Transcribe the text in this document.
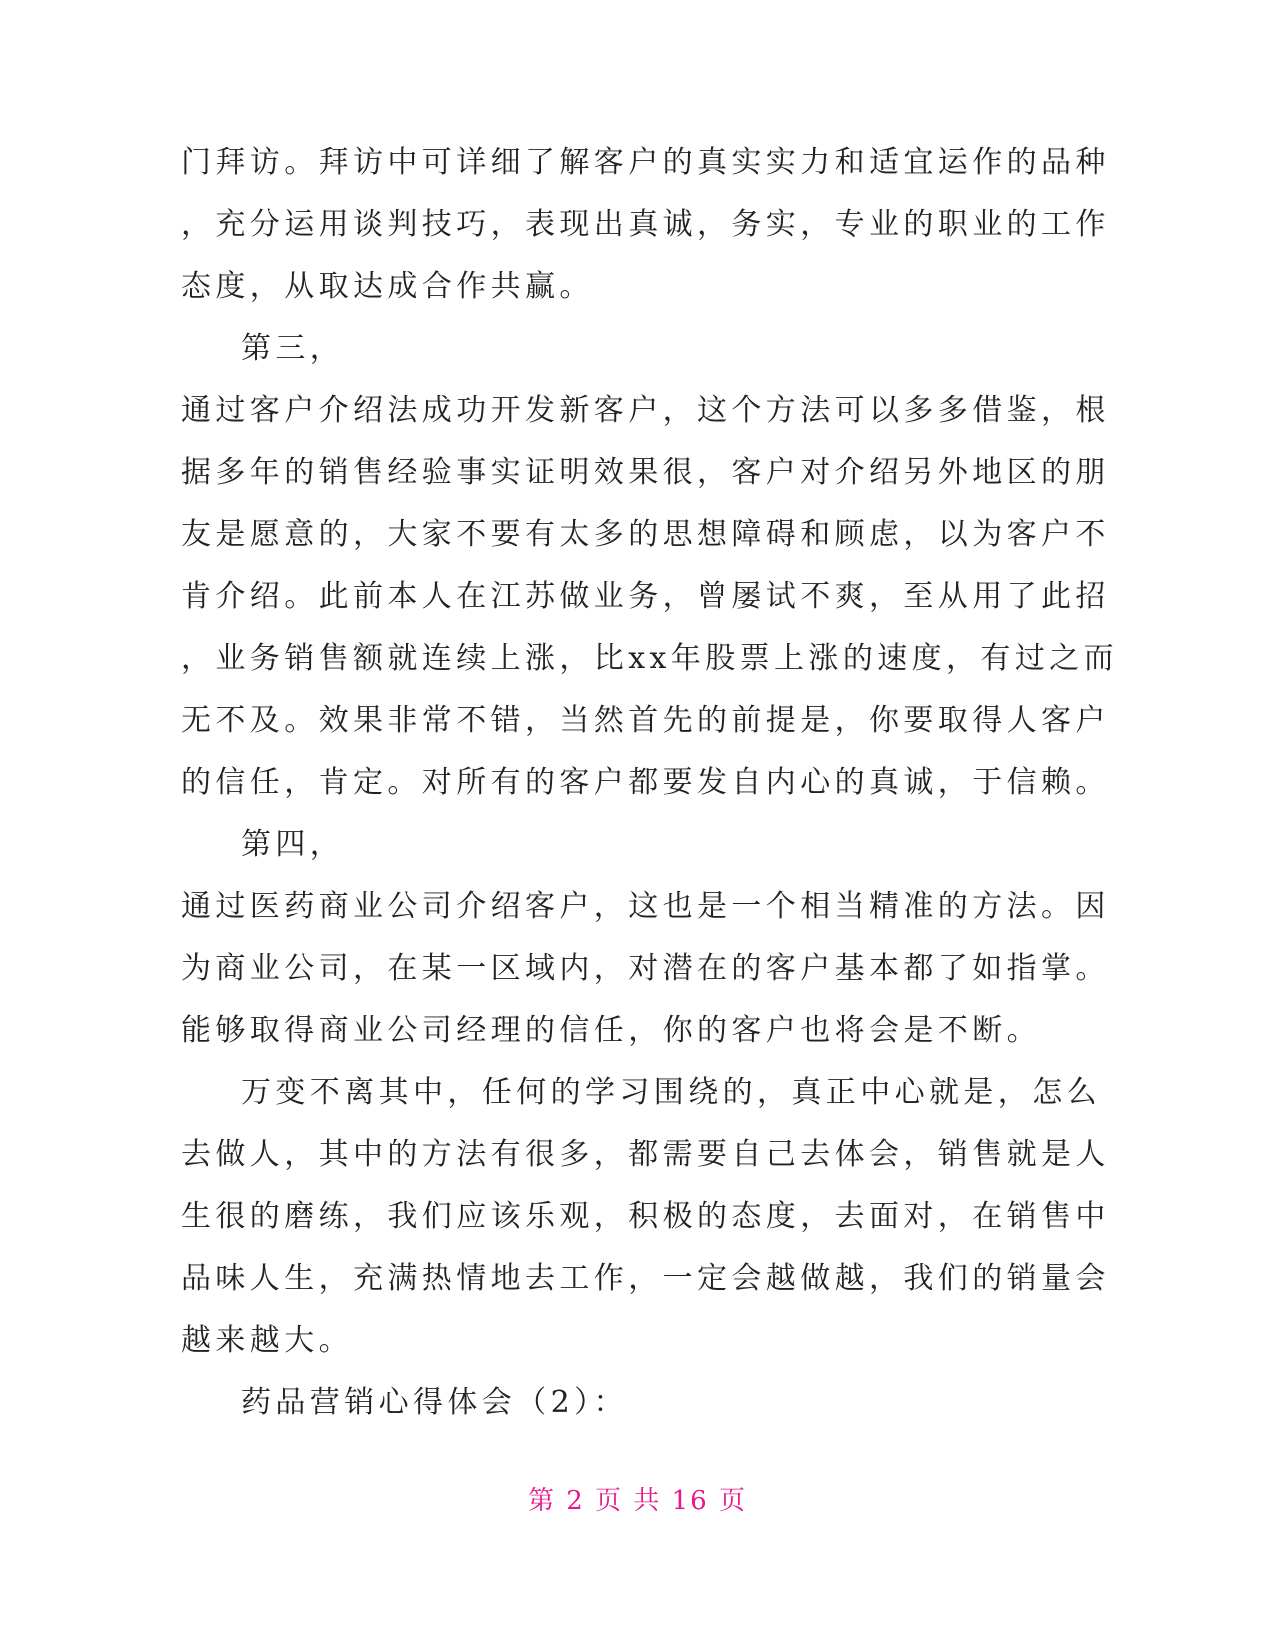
门拜访。拜访中可详细了解客户的真实实力和适宜运作的品种
，充分运用谈判技巧，表现出真诚，务实，专业的职业的工作
态度，从取达成合作共赢。
第三，
通过客户介绍法成功开发新客户，这个方法可以多多借鉴，根
据多年的销售经验事实证明效果很，客户对介绍另外地区的朋
友是愿意的，大家不要有太多的思想障碍和顾虑，以为客户不
肯介绍。此前本人在江苏做业务，曾屡试不爽，至从用了此招
，业务销售额就连续上涨，比xx年股票上涨的速度，有过之而
无不及。效果非常不错，当然首先的前提是，你要取得人客户
的信任，肯定。对所有的客户都要发自内心的真诚，于信赖。
第四，
通过医药商业公司介绍客户，这也是一个相当精准的方法。因
为商业公司，在某一区域内，对潜在的客户基本都了如指掌。
能够取得商业公司经理的信任，你的客户也将会是不断。
万变不离其中，任何的学习围绕的，真正中心就是，怎么
去做人，其中的方法有很多，都需要自己去体会，销售就是人
生很的磨练，我们应该乐观，积极的态度，去面对，在销售中
品味人生，充满热情地去工作，一定会越做越，我们的销量会
越来越大。
药品营销心得体会（2）：
第 2 页 共 16 页
